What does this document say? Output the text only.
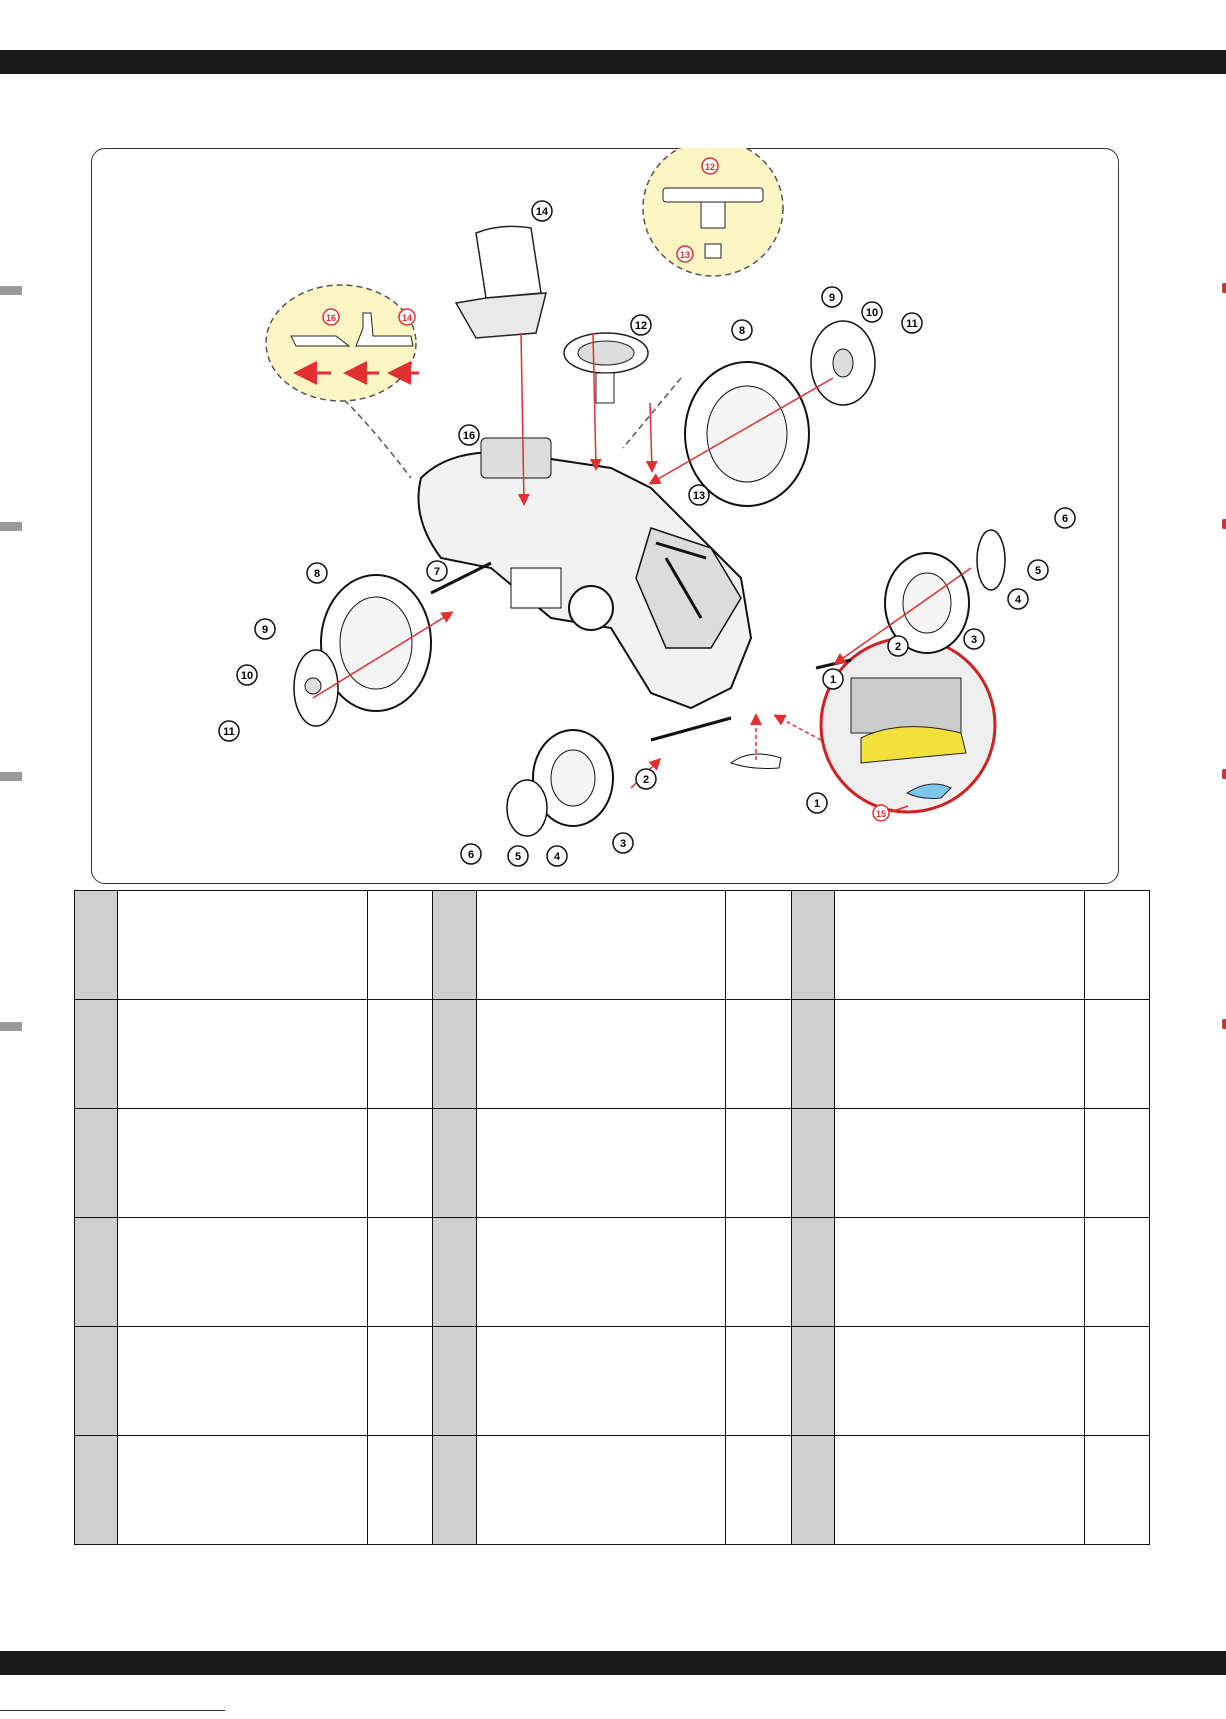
14
12
12
13
16	14
16
13
8
9
10
11
6
5
4
3
2
1
1
15
7
8
9
10
11
2
3
4
5
6
